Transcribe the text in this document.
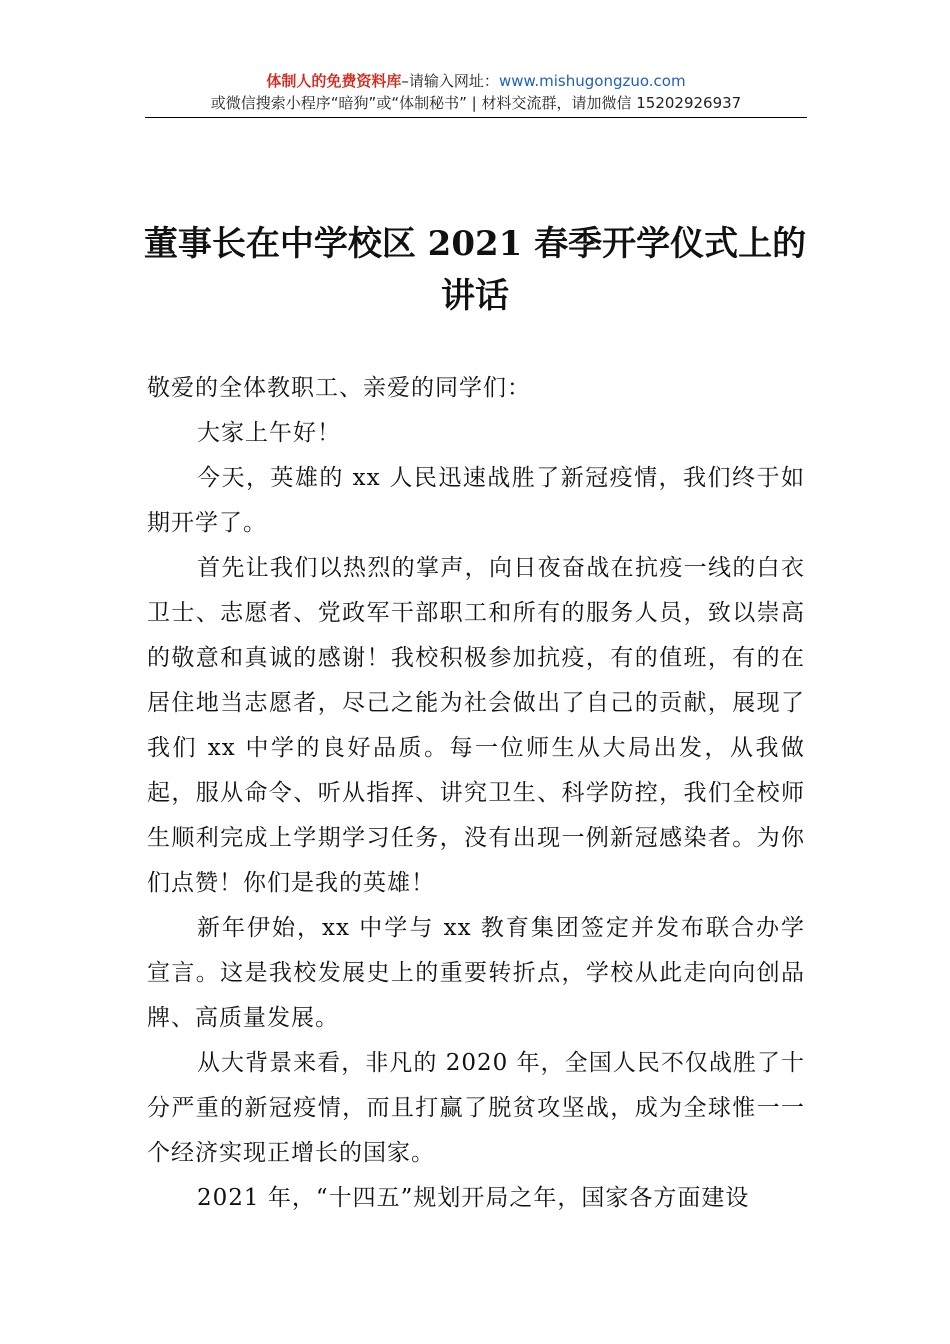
体制人的免费资料库–请输入网址：www.mishugongzuo.com
或微信搜索小程序“暗狗”或“体制秘书” | 材料交流群，请加微信 15202926937
董事长在中学校区 2021 春季开学仪式上的
讲话

敬爱的全体教职工、亲爱的同学们：

大家上午好！

今天，英雄的 xx 人民迅速战胜了新冠疫情，我们终于如期开学了。

首先让我们以热烈的掌声，向日夜奋战在抗疫一线的白衣卫士、志愿者、党政军干部职工和所有的服务人员，致以崇高的敬意和真诚的感谢！我校积极参加抗疫，有的值班，有的在居住地当志愿者，尽己之能为社会做出了自己的贡献，展现了我们 xx 中学的良好品质。每一位师生从大局出发，从我做起，服从命令、听从指挥、讲究卫生、科学防控，我们全校师生顺利完成上学期学习任务，没有出现一例新冠感染者。为你们点赞！你们是我的英雄！

新年伊始，xx 中学与 xx 教育集团签定并发布联合办学宣言。这是我校发展史上的重要转折点，学校从此走向向创品牌、高质量发展。

从大背景来看，非凡的 2020 年，全国人民不仅战胜了十分严重的新冠疫情，而且打赢了脱贫攻坚战，成为全球惟一一个经济实现正增长的国家。

2021 年，“十四五”规划开局之年，国家各方面建设
